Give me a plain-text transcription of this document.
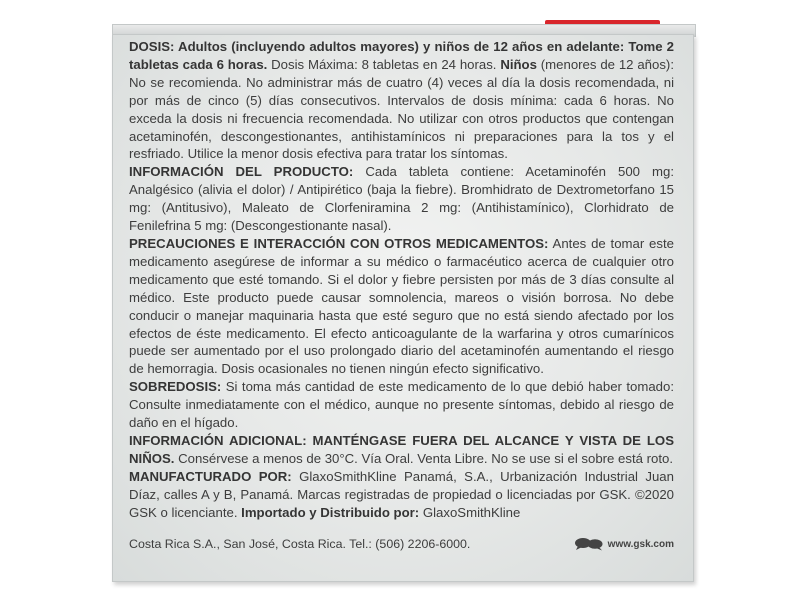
DOSIS: Adultos (incluyendo adultos mayores) y niños de 12 años en adelante: Tome 2 tabletas cada 6 horas. Dosis Máxima: 8 tabletas en 24 horas. Niños (menores de 12 años): No se recomienda. No administrar más de cuatro (4) veces al día la dosis recomendada, ni por más de cinco (5) días consecutivos. Intervalos de dosis mínima: cada 6 horas. No exceda la dosis ni frecuencia recomendada. No utilizar con otros productos que contengan acetaminofén, descongestionantes, antihistamínicos ni preparaciones para la tos y el resfriado. Utilice la menor dosis efectiva para tratar los síntomas.

INFORMACIÓN DEL PRODUCTO: Cada tableta contiene: Acetaminofén 500 mg: Analgésico (alivia el dolor) / Antipirético (baja la fiebre). Bromhidrato de Dextrometorfano 15 mg: (Antitusivo), Maleato de Clorfeniramina 2 mg: (Antihistamínico), Clorhidrato de Fenilefrina 5 mg: (Descongestionante nasal).

PRECAUCIONES E INTERACCIÓN CON OTROS MEDICAMENTOS: Antes de tomar este medicamento asegúrese de informar a su médico o farmacéutico acerca de cualquier otro medicamento que esté tomando. Si el dolor y fiebre persisten por más de 3 días consulte al médico. Este producto puede causar somnolencia, mareos o visión borrosa. No debe conducir o manejar maquinaria hasta que esté seguro que no está siendo afectado por los efectos de éste medicamento. El efecto anticoagulante de la warfarina y otros cumarínicos puede ser aumentado por el uso prolongado diario del acetaminofén aumentando el riesgo de hemorragia. Dosis ocasionales no tienen ningún efecto significativo.

SOBREDOSIS: Si toma más cantidad de este medicamento de lo que debió haber tomado: Consulte inmediatamente con el médico, aunque no presente síntomas, debido al riesgo de daño en el hígado.

INFORMACIÓN ADICIONAL: MANTÉNGASE FUERA DEL ALCANCE Y VISTA DE LOS NIÑOS. Consérvese a menos de 30°C. Vía Oral. Venta Libre. No se use si el sobre está roto.

MANUFACTURADO POR: GlaxoSmithKline Panamá, S.A., Urbanización Industrial Juan Díaz, calles A y B, Panamá. Marcas registradas de propiedad o licenciadas por GSK. ©2020 GSK o licenciante. Importado y Distribuido por: GlaxoSmithKline

Costa Rica S.A., San José, Costa Rica. Tel.: (506) 2206-6000.	www.gsk.com
